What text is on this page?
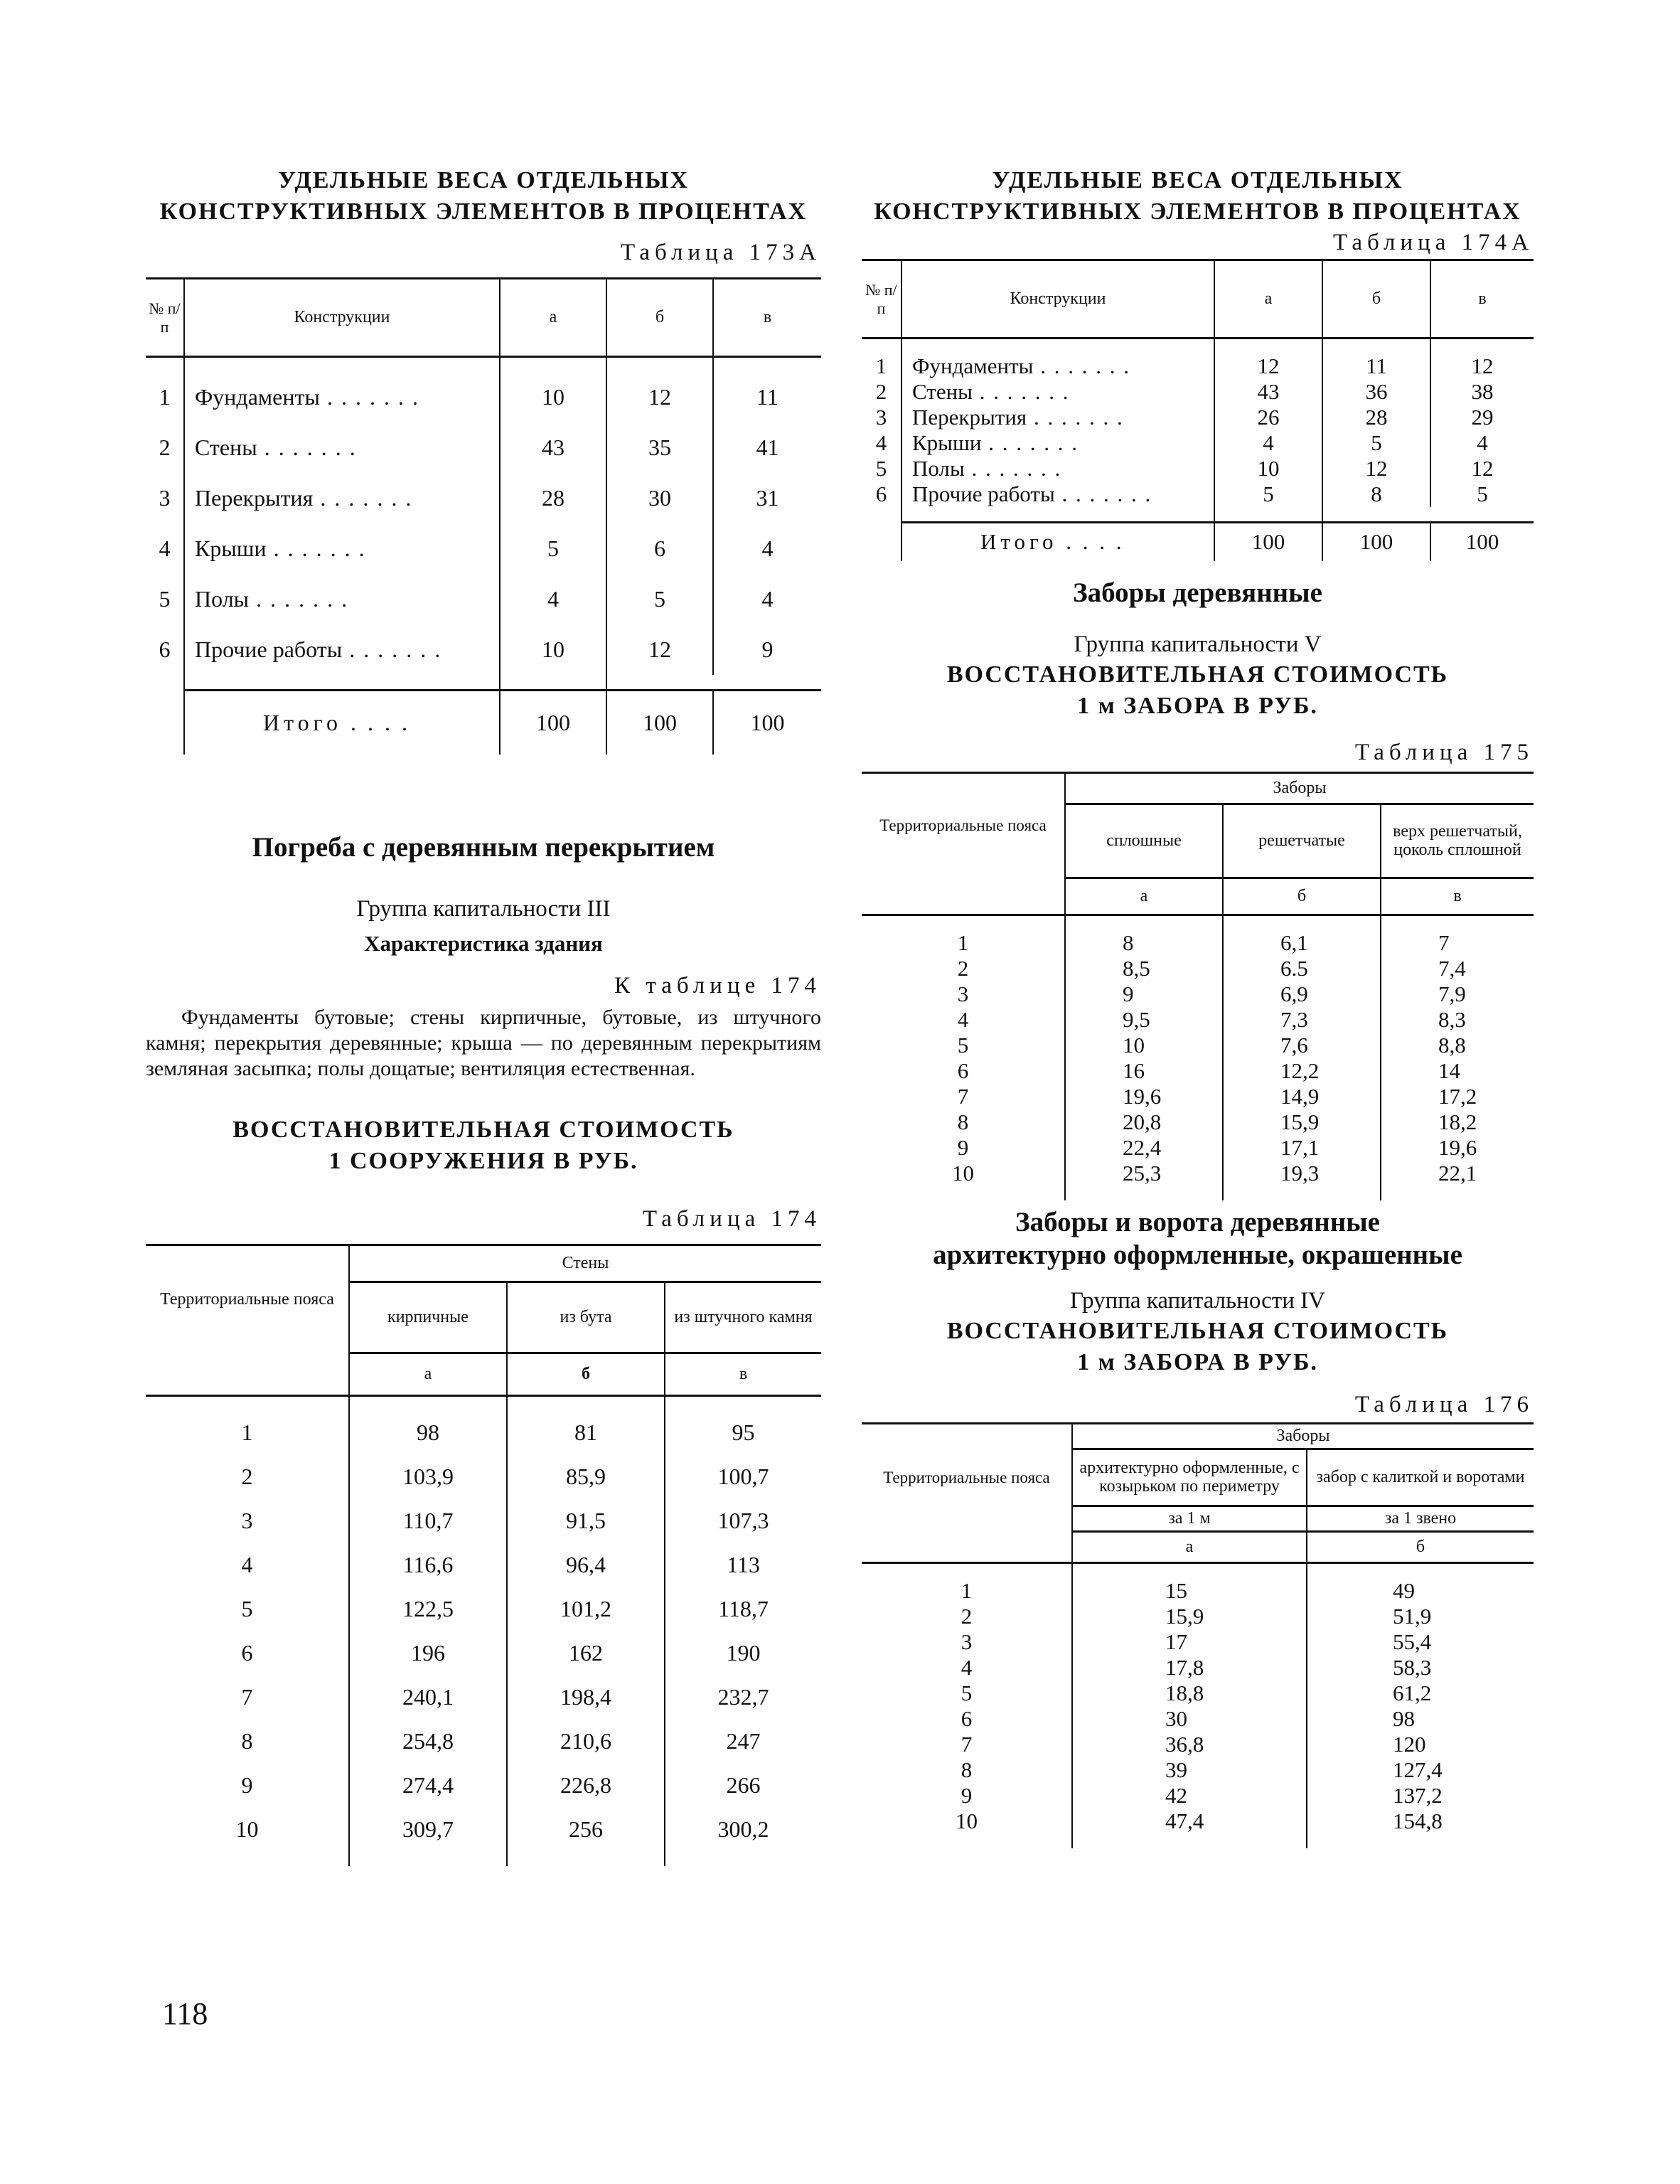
УДЕЛЬНЫЕ ВЕСА ОТДЕЛЬНЫХ

КОНСТРУКТИВНЫХ ЭЛЕМЕНТОВ В ПРОЦЕНТАХ

Таблица 173А

№ п/п	Конструкции	а	б	в

1	Фундаменты . . .	10	12	11
2	Стены . . .	43	35	41
3	Перекрытия . . .	28	30	31
4	Крыши . . .	5	6	4
5	Полы . . .	4	5	4
6	Прочие работы . . .	10	12	9

	Итого . . . .	100	100	100

Погреба с деревянным перекрытием

Группа капитальности III

Характеристика здания

К таблице 174

Фундаменты бутовые; стены кирпичные, бутовые, из штучного камня; перекрытия деревянные; крыша — по деревянным перекрытиям земляная засыпка; полы дощатые; вентиляция естественная.

ВОССТАНОВИТЕЛЬНАЯ СТОИМОСТЬ

1 СООРУЖЕНИЯ В РУБ.

Таблица 174

Территориальные пояса	Стены		
	кирпичные	из бута	из штучного камня
	а	б	в

1	98	81	95
2	103,9	85,9	100,7
3	110,7	91,5	107,3
4	116,6	96,4	113
5	122,5	101,2	118,7
6	196	162	190
7	240,1	198,4	232,7
8	254,8	210,6	247
9	274,4	226,8	266
10	309,7	256	300,2

УДЕЛЬНЫЕ ВЕСА ОТДЕЛЬНЫХ

КОНСТРУКТИВНЫХ ЭЛЕМЕНТОВ В ПРОЦЕНТАХ

Таблица 174А

№ п/п	Конструкции	а	б	в

1	Фундаменты . . .	12	11	12
2	Стены . . .	43	36	38
3	Перекрытия . . .	26	28	29
4	Крыши . . .	4	5	4
5	Полы . . .	10	12	12
6	Прочие работы . . .	5	8	5

	Итого . . . .	100	100	100

Заборы деревянные

Группа капитальности V

ВОССТАНОВИТЕЛЬНАЯ СТОИМОСТЬ

1 м ЗАБОРА В РУБ.

Таблица 175

Территориальные пояса	Заборы		
	сплошные	решетчатые	верх решетчатый, цоколь сплошной
	а	б	в

1	8	6,1	7
2	8,5	6.5	7,4
3	9	6,9	7,9
4	9,5	7,3	8,3
5	10	7,6	8,8
6	16	12,2	14
7	19,6	14,9	17,2
8	20,8	15,9	18,2
9	22,4	17,1	19,6
10	25,3	19,3	22,1

Заборы и ворота деревянные

архитектурно оформленные, окрашенные

Группа капитальности IV

ВОССТАНОВИТЕЛЬНАЯ СТОИМОСТЬ

1 м ЗАБОРА В РУБ.

Таблица 176

Территориальные пояса	Заборы	
	архитектурно оформленные, с козырьком по периметру	забор с калиткой и воротами
	за 1 м	за 1 звено
	а	б

1	15	49
2	15,9	51,9
3	17	55,4
4	17,8	58,3
5	18,8	61,2
6	30	98
7	36,8	120
8	39	127,4
9	42	137,2
10	47,4	154,8

118
